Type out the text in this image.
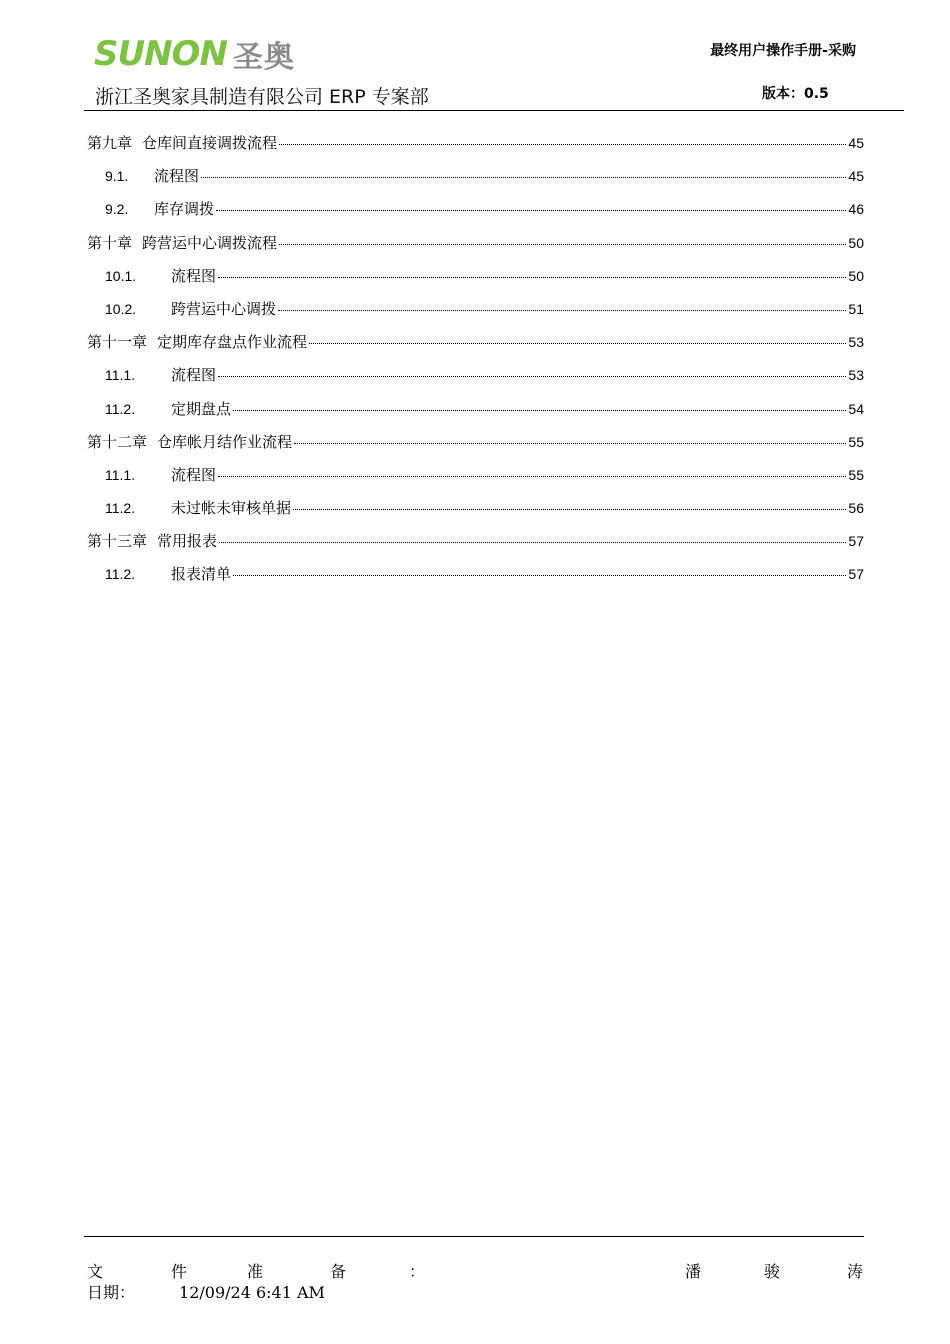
SUNON 圣奥
浙江圣奥家具制造有限公司 ERP 专案部
最终用户操作手册-采购
版本：0.5
第九章 仓库间直接调拨流程	45
9.1.	流程图	45
9.2.	库存调拨	46
第十章 跨营运中心调拨流程	50
10.1.	流程图	50
10.2.	跨营运中心调拨	51
第十一章 定期库存盘点作业流程	53
11.1.	流程图	53
11.2.	定期盘点	54
第十二章 仓库帐月结作业流程	55
11.1.	流程图	55
11.2.	未过帐未审核单据	56
第十三章 常用报表	57
11.2.	报表清单	57
文	件	准	备	：	潘	骏	涛
日期：	12/09/24 6:41 AM
